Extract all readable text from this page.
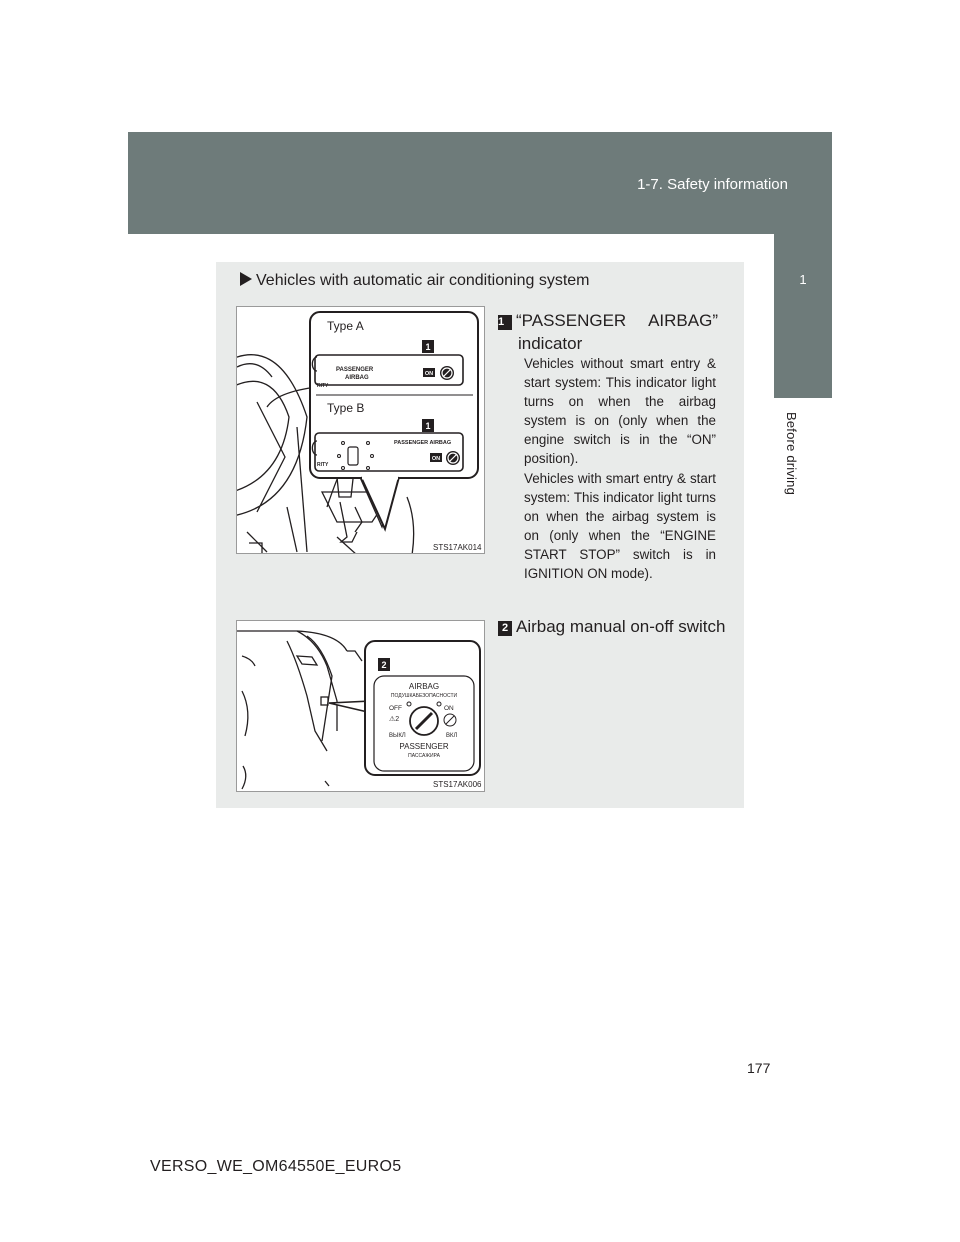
1-7. Safety information
1
Before driving
Vehicles with automatic air conditioning system
Type A
Type B
1
1
PASSENGER
AIRBAG
ON
PASSENGER AIRBAG
ON
RITY
RITY
STS17AK014
1 “PASSENGER AIRBAG”
indicator
Vehicles without smart entry & start system: This indicator light turns on when the airbag system is on (only when the engine switch is in the “ON” position).
Vehicles with smart entry & start system: This indicator light turns on when the airbag system is on (only when the “ENGINE START STOP” switch is in IGNITION ON mode).
2
AIRBAG
ПОДУШКАБЕЗОПАСНОСТИ
OFF	ON
⚠2
ВЫКЛ	ВКЛ
PASSENGER
ПАССАЖИРА
STS17AK006
2 Airbag manual on-off switch
177
VERSO_WE_OM64550E_EURO5
